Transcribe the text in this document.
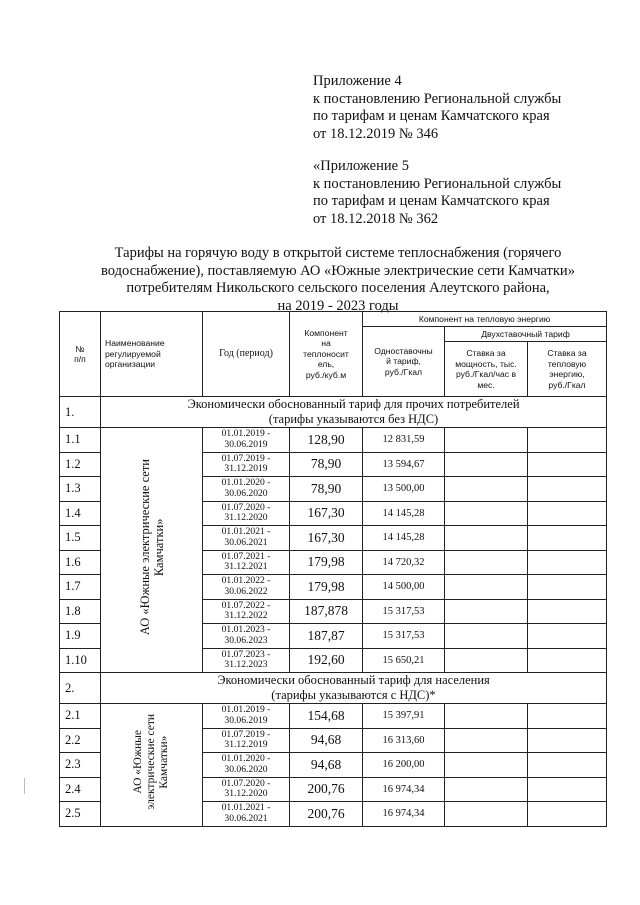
Приложение 4
к постановлению Региональной службы
по тарифам и ценам Камчатского края
от 18.12.2019 № 346
«Приложение 5
к постановлению Региональной службы
по тарифам и ценам Камчатского края
от 18.12.2018 № 362
Тарифы на горячую воду в открытой системе теплоснабжения (горячего
водоснабжение), поставляемую АО «Южные электрические сети Камчатки»
потребителям Никольского сельского поселения Алеутского района,
на 2019 - 2023 годы
№
п/п	Наименование
регулируемой
организации	Год (период)	Компонент
на
теплоносит
ель,
руб./куб.м	Компонент на тепловую энергию		
				Одноставочны
й тариф,
руб./Гкал	Двухставочный тариф	
					Ставка за
мощность, тыс.
руб./Гкал/час в
мес.	Ставка за
тепловую
энергию,
руб./Гкал
1.	Экономически обоснованный тариф для прочих потребителей
(тарифы указываются без НДС)					
1.1	АО «Южные электрические сети
Камчатки»	01.01.2019 -
30.06.2019	128,90	12 831,59		
1.2		01.07.2019 -
31.12.2019	78,90	13 594,67		
1.3		01.01.2020 -
30.06.2020	78,90	13 500,00		
1.4		01.07.2020 -
31.12.2020	167,30	14 145,28		
1.5		01.01.2021 -
30.06.2021	167,30	14 145,28		
1.6		01.07.2021 -
31.12.2021	179,98	14 720,32		
1.7		01.01.2022 -
30.06.2022	179,98	14 500,00		
1.8		01.07.2022 -
31.12.2022	187,878	15 317,53		
1.9		01.01.2023 -
30.06.2023	187,87	15 317,53		
1.10		01.07.2023 -
31.12.2023	192,60	15 650,21		
2.	Экономически обоснованный тариф для населения
(тарифы указываются с НДС)*					
2.1	АО «Южные
электрические сети
Камчатки»	01.01.2019 -
30.06.2019	154,68	15 397,91		
2.2		01.07.2019 -
31.12.2019	94,68	16 313,60		
2.3		01.01.2020 -
30.06.2020	94,68	16 200,00		
2.4		01.07.2020 -
31.12.2020	200,76	16 974,34		
2.5		01.01.2021 -
30.06.2021	200,76	16 974,34		
